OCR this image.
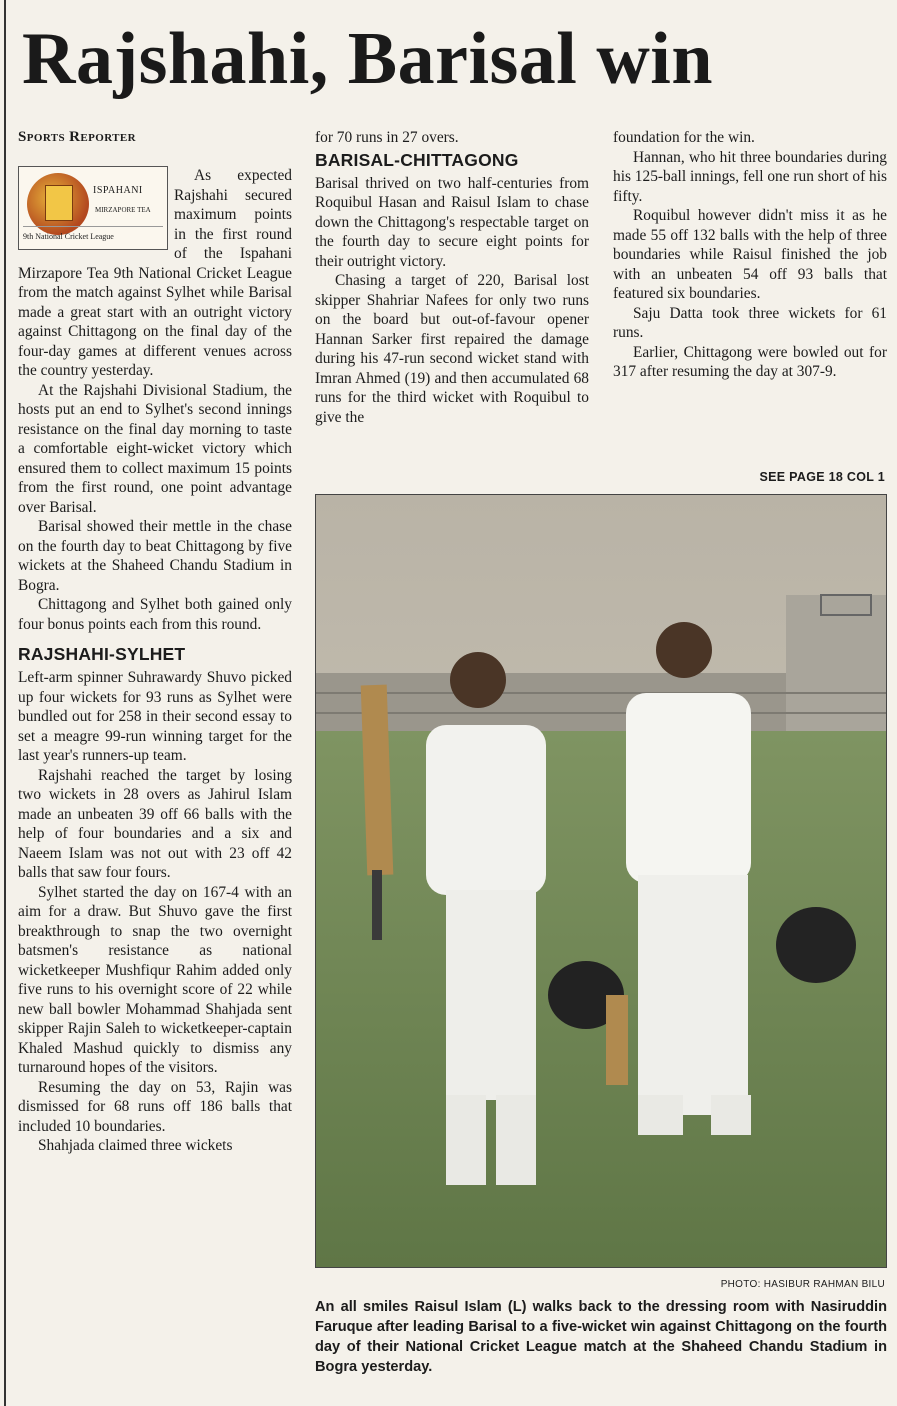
Rajshahi, Barisal win
Sports Reporter
ISPAHANI
MIRZAPORE TEA
9th National Cricket League

As expected Rajshahi secured maximum points in the first round of the Ispahani Mirzapore Tea 9th National Cricket League from the match against Sylhet while Barisal made a great start with an outright victory against Chittagong on the final day of the four-day games at different venues across the country yesterday.

At the Rajshahi Divisional Stadium, the hosts put an end to Sylhet's second innings resistance on the final day morning to taste a comfortable eight-wicket victory which ensured them to collect maximum 15 points from the first round, one point advantage over Barisal.

Barisal showed their mettle in the chase on the fourth day to beat Chittagong by five wickets at the Shaheed Chandu Stadium in Bogra.

Chittagong and Sylhet both gained only four bonus points each from this round.

RAJSHAHI-SYLHET

Left-arm spinner Suhrawardy Shuvo picked up four wickets for 93 runs as Sylhet were bundled out for 258 in their second essay to set a meagre 99-run winning target for the last year's runners-up team.

Rajshahi reached the target by losing two wickets in 28 overs as Jahirul Islam made an unbeaten 39 off 66 balls with the help of four boundaries and a six and Naeem Islam was not out with 23 off 42 balls that saw four fours.

Sylhet started the day on 167-4 with an aim for a draw. But Shuvo gave the first breakthrough to snap the two overnight batsmen's resistance as national wicketkeeper Mushfiqur Rahim added only five runs to his overnight score of 22 while new ball bowler Mohammad Shahjada sent skipper Rajin Saleh to wicketkeeper-captain Khaled Mashud quickly to dismiss any turnaround hopes of the visitors.

Resuming the day on 53, Rajin was dismissed for 68 runs off 186 balls that included 10 boundaries.

Shahjada claimed three wickets

for 70 runs in 27 overs.

BARISAL-CHITTAGONG

Barisal thrived on two half-centuries from Roquibul Hasan and Raisul Islam to chase down the Chittagong's respectable target on the fourth day to secure eight points for their outright victory.

Chasing a target of 220, Barisal lost skipper Shahriar Nafees for only two runs on the board but out-of-favour opener Hannan Sarker first repaired the damage during his 47-run second wicket stand with Imran Ahmed (19) and then accumulated 68 runs for the third wicket with Roquibul to give the

foundation for the win.

Hannan, who hit three boundaries during his 125-ball innings, fell one run short of his fifty.

Roquibul however didn't miss it as he made 55 off 132 balls with the help of three boundaries while Raisul finished the job with an unbeaten 54 off 93 balls that featured six boundaries.

Saju Datta took three wickets for 61 runs.

Earlier, Chittagong were bowled out for 317 after resuming the day at 307-9.

SEE PAGE 18 COL 1
PHOTO: HASIBUR RAHMAN BILU
An all smiles Raisul Islam (L) walks back to the dressing room with Nasiruddin Faruque after leading Barisal to a five-wicket win against Chittagong on the fourth day of their National Cricket League match at the Shaheed Chandu Stadium in Bogra yesterday.
